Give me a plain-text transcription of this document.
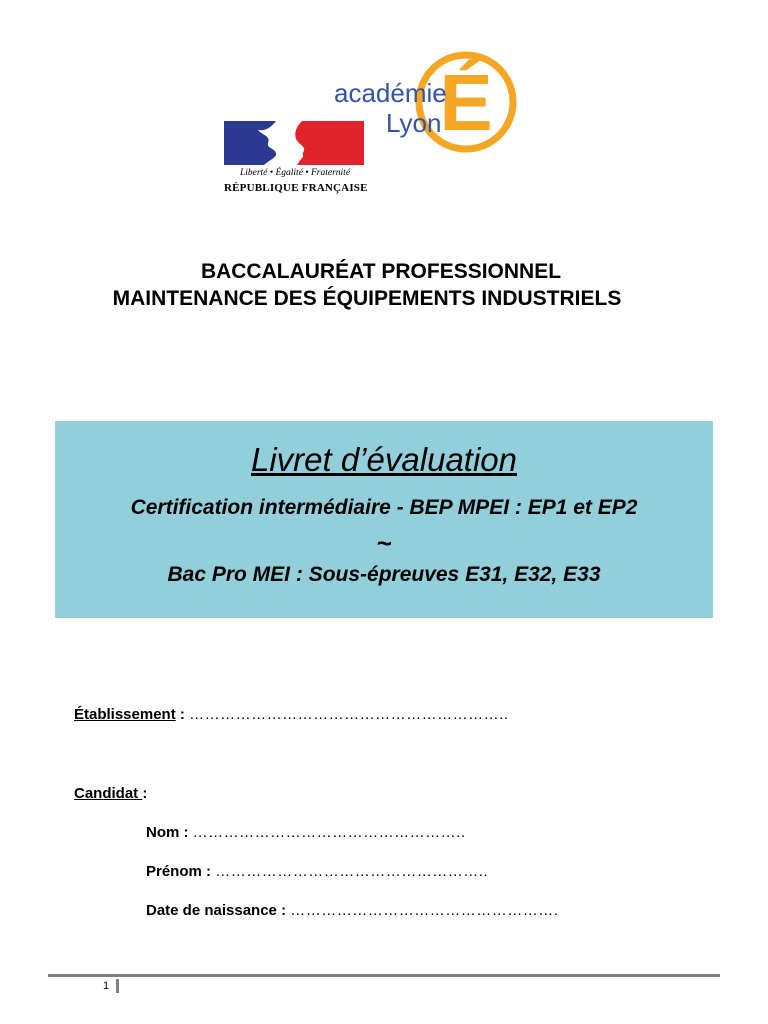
Liberté • Égalité • Fraternité
RÉPUBLIQUE FRANÇAISE
É
académie
Lyon
BACCALAURÉAT PROFESSIONNEL
MAINTENANCE DES ÉQUIPEMENTS INDUSTRIELS
Livret d’évaluation
Certification intermédiaire - BEP MPEI : EP1 et EP2
~
Bac Pro MEI : Sous-épreuves E31, E32, E33
Établissement : ……………………………………………………..
Candidat :
Nom : ……………………………………………..
Prénom : ……………………………………………..
Date de naissance : …………………………………………….
1
